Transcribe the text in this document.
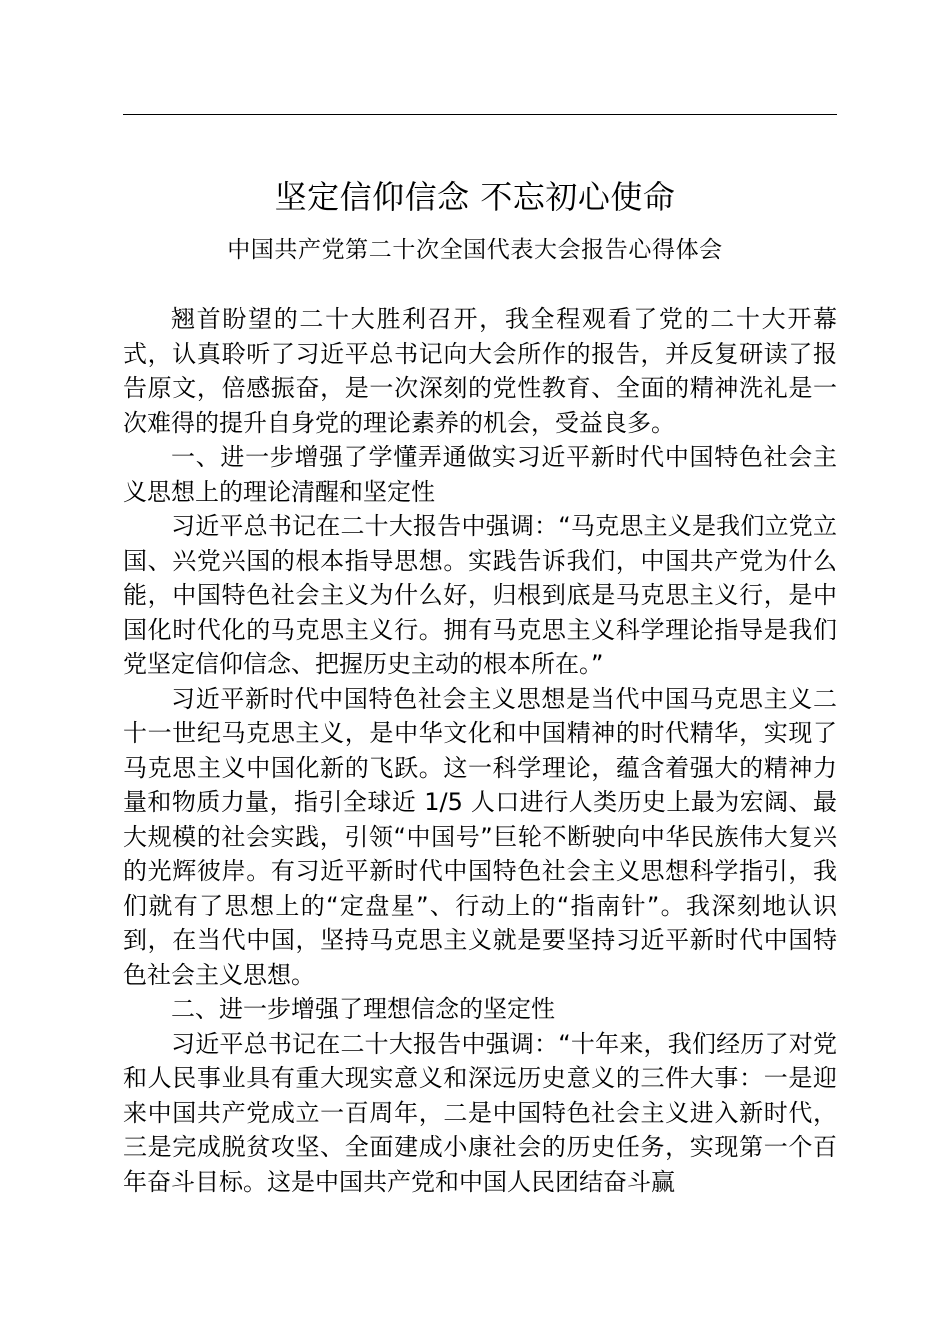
坚定信仰信念 不忘初心使命
中国共产党第二十次全国代表大会报告心得体会

翘首盼望的二十大胜利召开，我全程观看了党的二十大开幕式，认真聆听了习近平总书记向大会所作的报告，并反复研读了报告原文，倍感振奋，是一次深刻的党性教育、全面的精神洗礼是一次难得的提升自身党的理论素养的机会，受益良多。

一、进一步增强了学懂弄通做实习近平新时代中国特色社会主义思想上的理论清醒和坚定性

习近平总书记在二十大报告中强调：“马克思主义是我们立党立国、兴党兴国的根本指导思想。实践告诉我们，中国共产党为什么能，中国特色社会主义为什么好，归根到底是马克思主义行，是中国化时代化的马克思主义行。拥有马克思主义科学理论指导是我们党坚定信仰信念、把握历史主动的根本所在。”

习近平新时代中国特色社会主义思想是当代中国马克思主义二十一世纪马克思主义，是中华文化和中国精神的时代精华，实现了马克思主义中国化新的飞跃。这一科学理论，蕴含着强大的精神力量和物质力量，指引全球近 1/5 人口进行人类历史上最为宏阔、最大规模的社会实践，引领“中国号”巨轮不断驶向中华民族伟大复兴的光辉彼岸。有习近平新时代中国特色社会主义思想科学指引，我们就有了思想上的“定盘星”、行动上的“指南针”。我深刻地认识到，在当代中国，坚持马克思主义就是要坚持习近平新时代中国特色社会主义思想。

二、进一步增强了理想信念的坚定性

习近平总书记在二十大报告中强调：“十年来，我们经历了对党和人民事业具有重大现实意义和深远历史意义的三件大事：一是迎来中国共产党成立一百周年，二是中国特色社会主义进入新时代，三是完成脱贫攻坚、全面建成小康社会的历史任务，实现第一个百年奋斗目标。这是中国共产党和中国人民团结奋斗赢
